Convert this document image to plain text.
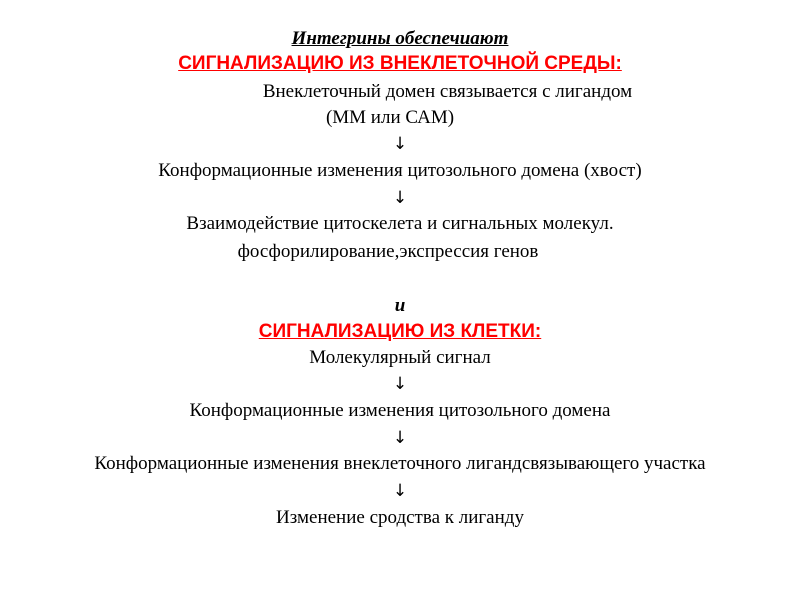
Интегрины обеспечиают
СИГНАЛИЗАЦИЮ ИЗ ВНЕКЛЕТОЧНОЙ СРЕДЫ:
Внеклеточный домен связывается с лигандом
(ММ или САМ)
↓
Конформационные изменения цитозольного домена (хвост)
↓
Взаимодействие цитоскелета и сигнальных молекул.
фосфорилирование,экспрессия генов
и
СИГНАЛИЗАЦИЮ ИЗ КЛЕТКИ:
Молекулярный сигнал
↓
Конформационные изменения цитозольного домена
↓
Конформационные изменения внеклеточного лигандсвязывающего участка
↓
Изменение сродства к лиганду
